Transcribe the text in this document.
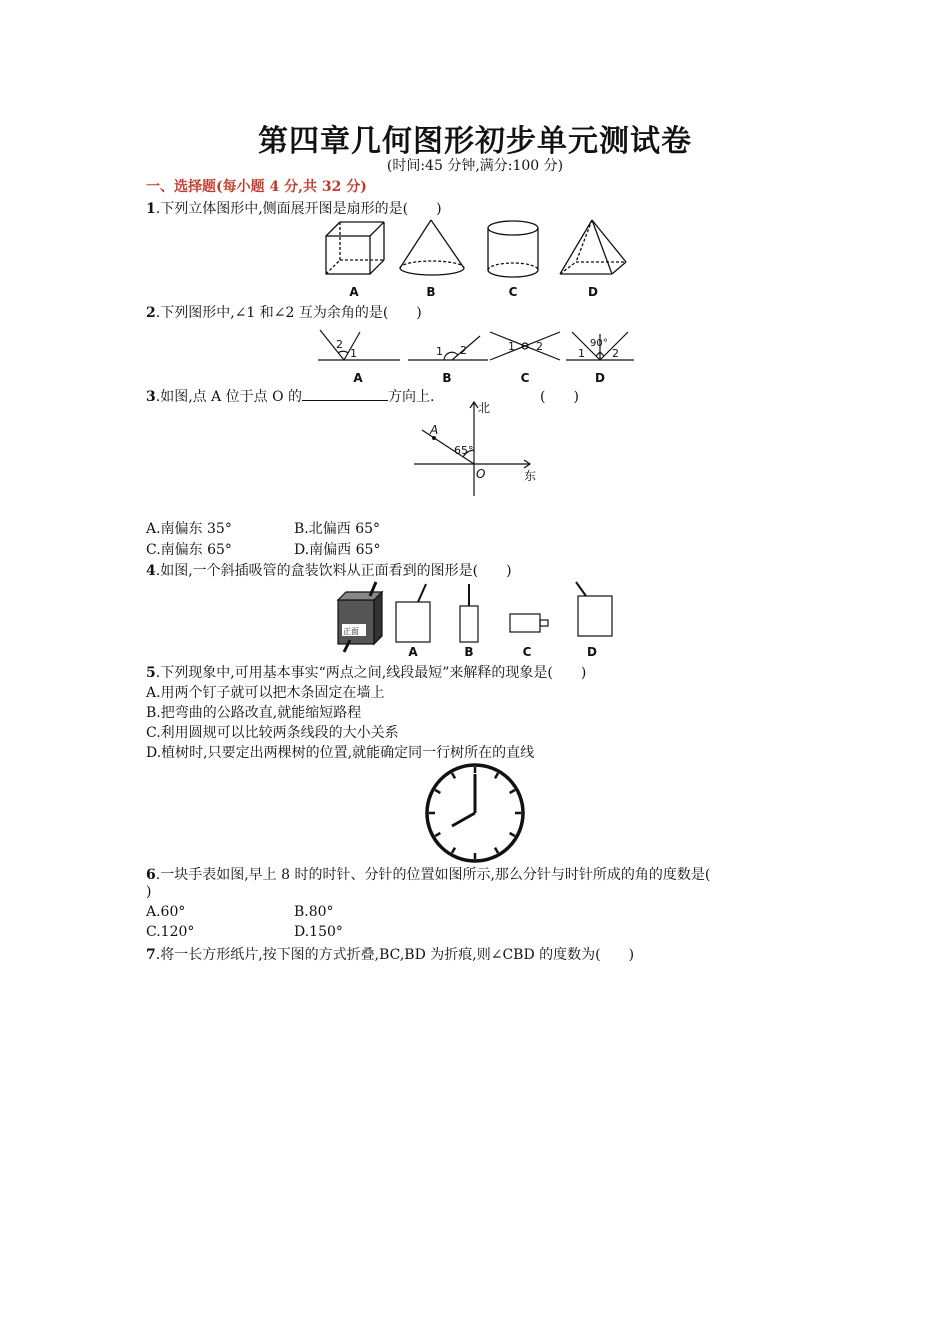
第四章几何图形初步单元测试卷
(时间:45 分钟,满分:100 分)
一、选择题(每小题 4 分,共 32 分)
1.下列立体图形中,侧面展开图是扇形的是(　　)
A	B	C	D
2.下列图形中,∠1 和∠2 互为余角的是(　　)
2
1	1 2	1 2
1 2
90°
A	B	C	D
3.如图,点 A 位于点 O 的	方向上.	(　　)
北
东
65°
A
O
A.南偏东 35°	B.北偏西 65°
C.南偏东 65°	D.南偏西 65°
4.如图,一个斜插吸管的盒装饮料从正面看到的图形是(　　)
正面
A	B	C	D
5.下列现象中,可用基本事实“两点之间,线段最短”来解释的现象是(　　)
A.用两个钉子就可以把木条固定在墙上
B.把弯曲的公路改直,就能缩短路程
C.利用圆规可以比较两条线段的大小关系
D.植树时,只要定出两棵树的位置,就能确定同一行树所在的直线
6.一块手表如图,早上 8 时的时针、分针的位置如图所示,那么分针与时针所成的角的度数是(
)
A.60°	B.80°
C.120°	D.150°
7.将一长方形纸片,按下图的方式折叠,BC,BD 为折痕,则∠CBD 的度数为(　　)
